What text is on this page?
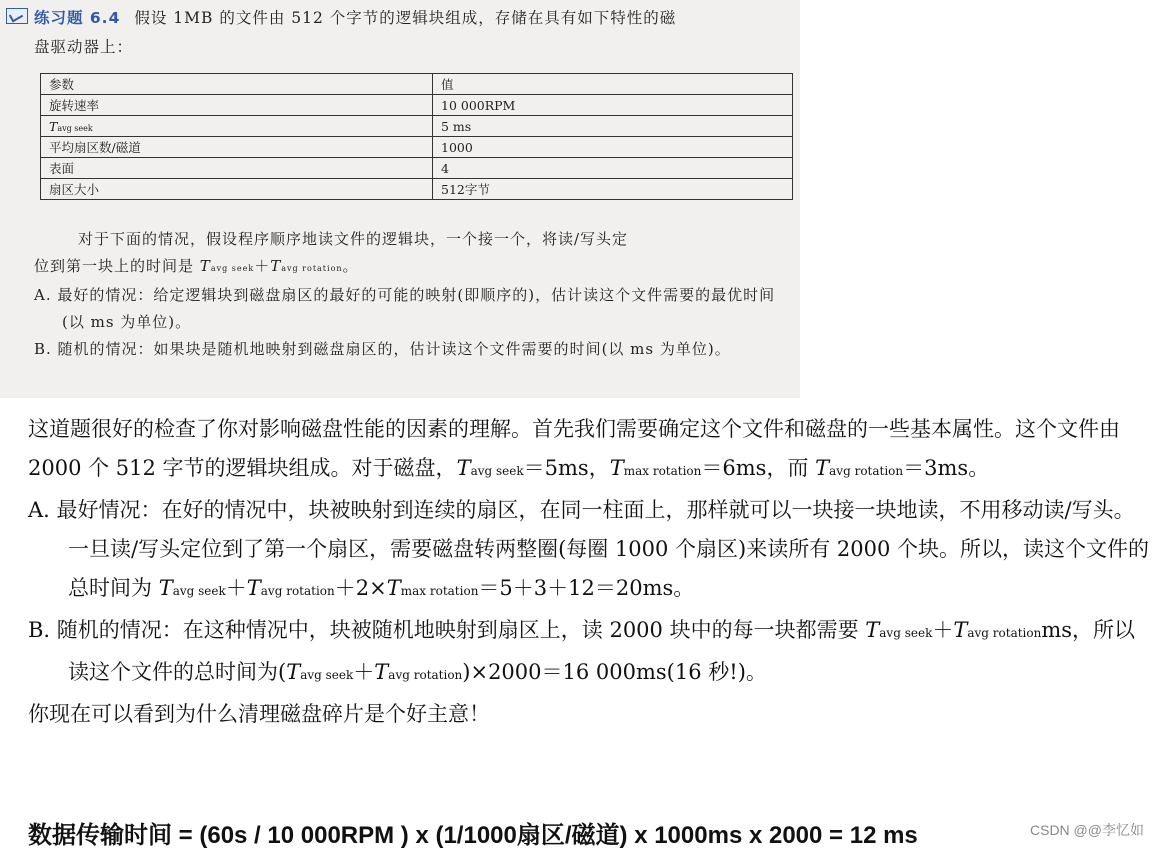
练习题 6.4 假设 1MB 的文件由 512 个字节的逻辑块组成，存储在具有如下特性的磁
盘驱动器上：
参数	值
旋转速率	10 000RPM
Tavg seek	5 ms
平均扇区数/磁道	1000
表面	4
扇区大小	512字节

对于下面的情况，假设程序顺序地读文件的逻辑块，一个接一个，将读/写头定

位到第一块上的时间是 Tavg seek＋Tavg rotation。

A. 最好的情况：给定逻辑块到磁盘扇区的最好的可能的映射(即顺序的)，估计读这个文件需要的最优时间(以 ms 为单位)。

B. 随机的情况：如果块是随机地映射到磁盘扇区的，估计读这个文件需要的时间(以 ms 为单位)。

这道题很好的检查了你对影响磁盘性能的因素的理解。首先我们需要确定这个文件和磁盘的一些基本属性。这个文件由 2000 个 512 字节的逻辑块组成。对于磁盘，Tavg seek＝5ms，Tmax rotation＝6ms，而 Tavg rotation＝3ms。

A. 最好情况：在好的情况中，块被映射到连续的扇区，在同一柱面上，那样就可以一块接一块地读，不用移动读/写头。一旦读/写头定位到了第一个扇区，需要磁盘转两整圈(每圈 1000 个扇区)来读所有 2000 个块。所以，读这个文件的总时间为 Tavg seek＋Tavg rotation＋2×Tmax rotation＝5＋3＋12＝20ms。

B. 随机的情况：在这种情况中，块被随机地映射到扇区上，读 2000 块中的每一块都需要 Tavg seek＋Tavg rotationms，所以读这个文件的总时间为(Tavg seek＋Tavg rotation)×2000＝16 000ms(16 秒!)。

你现在可以看到为什么清理磁盘碎片是个好主意！

数据传输时间 = (60s / 10 000RPM ) x (1/1000扇区/磁道) x 1000ms x 2000 = 12 ms	CSDN @@李忆如
